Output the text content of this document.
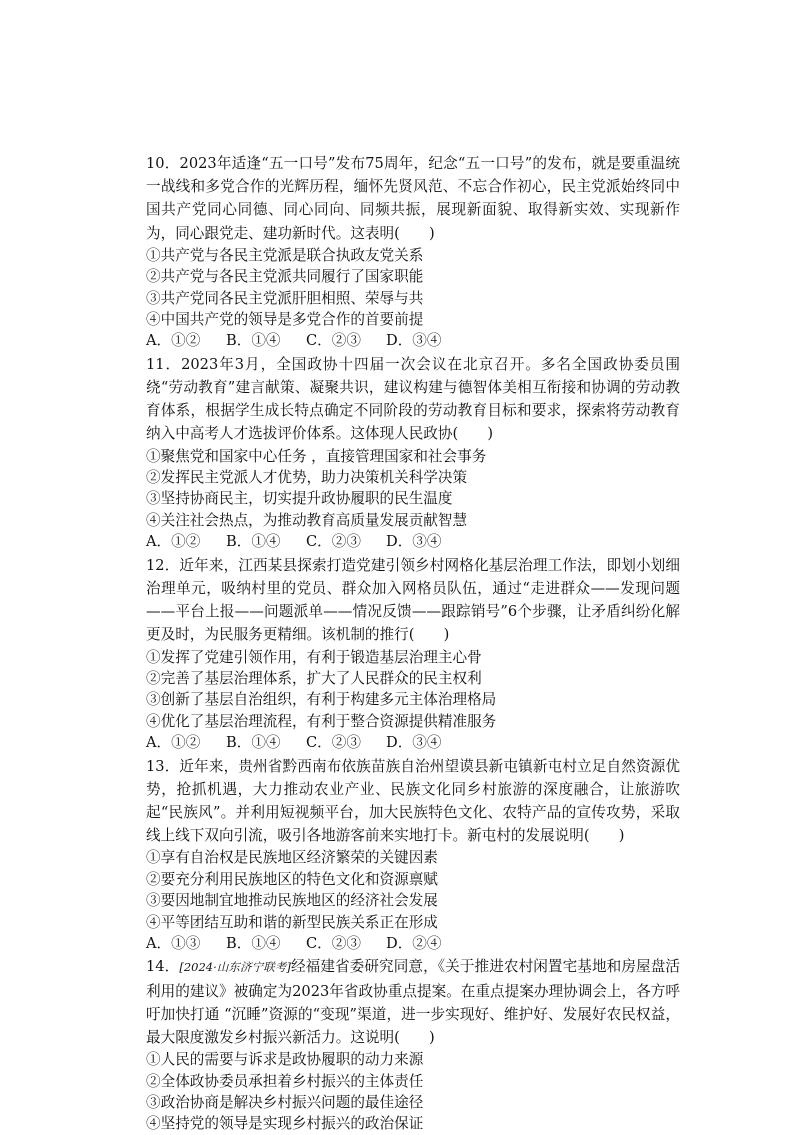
10．2023年适逢“五一口号”发布75周年，纪念“五一口号”的发布，就是要重温统一战线和多党合作的光辉历程，缅怀先贤风范、不忘合作初心，民主党派始终同中国共产党同心同德、同心同向、同频共振，展现新面貌、取得新实效、实现新作为，同心跟党走、建功新时代。这表明(　　)

①共产党与各民主党派是联合执政友党关系

②共产党与各民主党派共同履行了国家职能

③共产党同各民主党派肝胆相照、荣辱与共

④中国共产党的领导是多党合作的首要前提

A．①② B．①④ C．②③ D．③④

11．2023年3月，全国政协十四届一次会议在北京召开。多名全国政协委员围绕“劳动教育”建言献策、凝聚共识，建议构建与德智体美相互衔接和协调的劳动教育体系，根据学生成长特点确定不同阶段的劳动教育目标和要求，探索将劳动教育纳入中高考人才选拔评价体系。这体现人民政协(　　)

①聚焦党和国家中心任务 ，直接管理国家和社会事务

②发挥民主党派人才优势，助力决策机关科学决策

③坚持协商民主，切实提升政协履职的民生温度

④关注社会热点，为推动教育高质量发展贡献智慧

A．①② B．①④ C．②③ D．③④

12．近年来，江西某县探索打造党建引领乡村网格化基层治理工作法，即划小划细治理单元，吸纳村里的党员、群众加入网格员队伍，通过“走进群众——发现问题——平台上报——问题派单——情况反馈——跟踪销号”6个步骤，让矛盾纠纷化解更及时，为民服务更精细。该机制的推行(　　)

①发挥了党建引领作用，有利于锻造基层治理主心骨

②完善了基层治理体系，扩大了人民群众的民主权利

③创新了基层自治组织，有利于构建多元主体治理格局

④优化了基层治理流程，有利于整合资源提供精准服务

A．①② B．①④ C．②③ D．③④

13．近年来，贵州省黔西南布依族苗族自治州望谟县新屯镇新屯村立足自然资源优势，抢抓机遇，大力推动农业产业、民族文化同乡村旅游的深度融合，让旅游吹起“民族风”。并利用短视频平台，加大民族特色文化、农特产品的宣传攻势，采取线上线下双向引流，吸引各地游客前来实地打卡。新屯村的发展说明(　　)

①享有自治权是民族地区经济繁荣的关键因素

②要充分利用民族地区的特色文化和资源禀赋

③要因地制宜地推动民族地区的经济社会发展

④平等团结互助和谐的新型民族关系正在形成

A．①③ B．①④ C．②③ D．②④

14．[2024·山东济宁联考]经福建省委研究同意，《关于推进农村闲置宅基地和房屋盘活利用的建议》被确定为2023年省政协重点提案。在重点提案办理协调会上，各方呼吁加快打通 “沉睡”资源的“变现”渠道，进一步实现好、维护好、发展好农民权益，最大限度激发乡村振兴新活力。这说明(　　)

①人民的需要与诉求是政协履职的动力来源

②全体政协委员承担着乡村振兴的主体责任

③政治协商是解决乡村振兴问题的最佳途径

④坚持党的领导是实现乡村振兴的政治保证
